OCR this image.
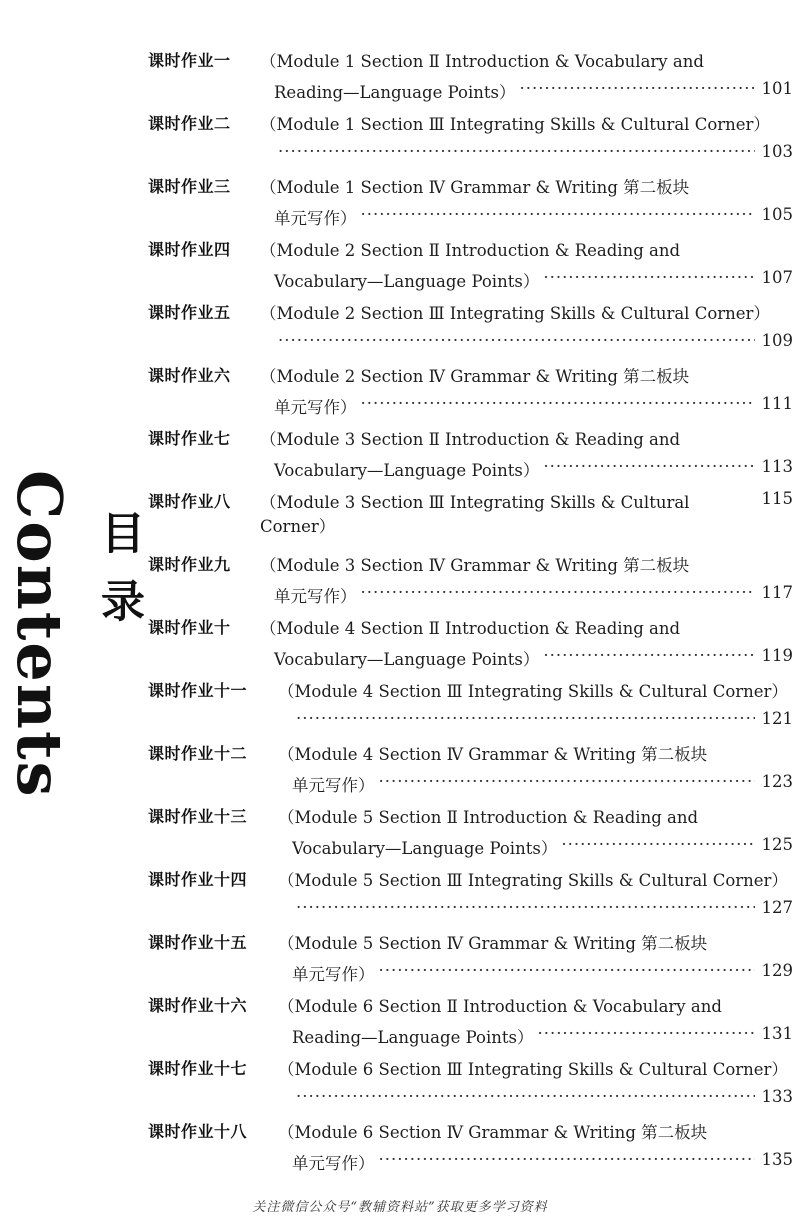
Contents 目录
课时作业一 （Module 1 Section Ⅱ Introduction & Vocabulary and
Reading—Language Points） ·····	101
课时作业二 （Module 1 Section Ⅲ Integrating Skills & Cultural Corner）
·····
103
课时作业三 （Module 1 Section Ⅳ Grammar & Writing 第二板块
单元写作） ·····	105
课时作业四 （Module 2 Section Ⅱ Introduction & Reading and
Vocabulary—Language Points） ·····	107
课时作业五 （Module 2 Section Ⅲ Integrating Skills & Cultural Corner）
·····
109
课时作业六 （Module 2 Section Ⅳ Grammar & Writing 第二板块
单元写作） ·····	111
课时作业七 （Module 3 Section Ⅱ Introduction & Reading and
Vocabulary—Language Points） ·····	113
课时作业八 （Module 3 Section Ⅲ Integrating Skills & Cultural Corner）
115
课时作业九 （Module 3 Section Ⅳ Grammar & Writing 第二板块
单元写作） ·····	117
课时作业十 （Module 4 Section Ⅱ Introduction & Reading and
Vocabulary—Language Points） ·····	119
课时作业十一 （Module 4 Section Ⅲ Integrating Skills & Cultural Corner）
·····
121
课时作业十二 （Module 4 Section Ⅳ Grammar & Writing 第二板块
单元写作） ·····	123
课时作业十三 （Module 5 Section Ⅱ Introduction & Reading and
Vocabulary—Language Points） ·····	125
课时作业十四 （Module 5 Section Ⅲ Integrating Skills & Cultural Corner）
·····
127
课时作业十五 （Module 5 Section Ⅳ Grammar & Writing 第二板块
单元写作） ·····	129
课时作业十六 （Module 6 Section Ⅱ Introduction & Vocabulary and
Reading—Language Points） ·····	131
课时作业十七 （Module 6 Section Ⅲ Integrating Skills & Cultural Corner）
·····
133
课时作业十八 （Module 6 Section Ⅳ Grammar & Writing 第二板块
单元写作） ·····	135
关注微信公众号“教辅资料站”获取更多学习资料
